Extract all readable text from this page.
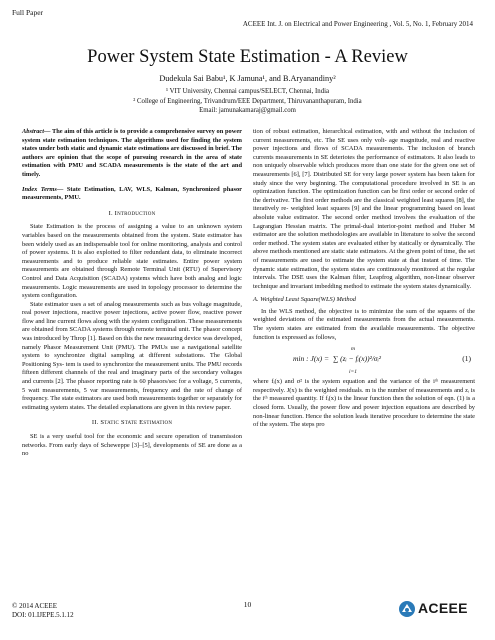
Full Paper
ACEEE Int. J. on Electrical and Power Engineering , Vol. 5, No. 1, February 2014
Power System State Estimation - A Review
Dudekula Sai Babu¹, K Jamuna¹, and B.Aryanandiny²
¹ VIT University, Chennai campus/SELECT, Chennai, India
² College of Engineering, Trivandrum/EEE Department, Thiruvananthapuram, India
Email: jamunakamaraj@gmail.com

Abstract— The aim of this article is to provide a comprehensive survey on power system state estimation techniques. The algorithms used for finding the system states under both static and dynamic state estimations are discussed in brief. The authors are opinion that the scope of pursuing research in the area of state estimation with PMU and SCADA measurements is the state of the art and timely.

Index Terms— State Estimation, LAV, WLS, Kalman, Synchronized phasor measurements, PMU.

I. Introduction

State Estimation is the process of assigning a value to an unknown system variables based on the measurements obtained from the system. State estimator has been widely used as an indispensable tool for online monitoring, analysis and control of power systems. It is also exploited to filter redundant data, to eliminate incorrect measurements and to produce reliable state estimates. Entire power system measurements are obtained through Remote Terminal Unit (RTU) of Supervisory Control and Data Acquisition (SCADA) systems which have both analog and logic measurements. Logic measurements are used in topology processor to determine the system configuration.

State estimator uses a set of analog measurements such as bus voltage magnitude, real power injections, reactive power injections, active power flow, reactive power flow and line current flows along with the system configuration. These measurements are obtained from SCADA systems through remote terminal unit. The phasor concept was introduced by Throp [1]. Based on this the new measuring device was developed, namely Phasor Measurement Unit (PMU). The PMUs use a navigational satellite system to synchronize digital sampling at different substations. The Global Positioning Sys- tem is used to synchronize the measurement units. The PMU records fifteen different channels of the real and imaginary parts of the secondary voltages and currents [2]. The phasor reporting rate is 60 phasors/sec for a voltage, 5 currents, 5 watt measurements, 5 var measurements, frequency and the rate of change of frequency. The state estimators are used both measurements together or separately for estimating system states. The detailed explanations are given in this review paper.

II. Static State Estimation

SE is a very useful tool for the economic and secure operation of transmission networks. From early days of Scheweppe [3]–[5], developments of SE are done as a no

tion of robust estimation, hierarchical estimation, with and without the inclusion of current measurements, etc. The SE uses only volt- age magnitude, real and reactive power injections and flows of SCADA measurements. The inclusion of branch currents measurements in SE deteriotes the performance of estimators. It also leads to non uniquely observable which produces more than one state for the given one set of measurements [6], [7]. Distributed SE for very large power system has been taken for study since the very beginning. The computational procedure involved in SE is an optimization function. The optimization function can be first order or second order of the derivative. The first order methods are the classical weighted least squares [8], the iteratively re- weighted least squares [9] and the linear programming based on least absolute value estimator. The second order method involves the evaluation of the Lagrangian Hessian matrix. The primal-dual interior-point method and Huber M estimator are the solution methodologies are available in literature to solve the second order method. The system states are evaluated either by statically or dynamically. The above methods mentioned are static state estimators. At the given point of time, the set of measurements are used to estimate the system state at that instant of time. The dynamic state estimation, the system states are continuously monitored at the regular intervals. The DSE uses the Kalman filter, Leapfrog algorithm, non-linear observer technique and invariant imbedding method to estimate the system states dynamically.

A. Weighted Least Square(WLS) Method

In the WLS method, the objective is to minimize the sum of the squares of the weighted deviations of the estimated measurements from the actual measurements. The system states are estimated from the available measurements. The objective function is expressed as follows,

m
min : J(x) = ∑ (zᵢ − fᵢ(x))²/σᵢ²
i=1
(1)

where fᵢ(x) and σ² is the system equation and the variance of the iᵗʰ measurement respectively. J(x) is the weighted residuals. m is the number of measurements and zᵢ is the iᵗʰ measured quantity. If fᵢ(x) is the linear function then the solution of eqn. (1) is a closed form. Usually, the power flow and power injection equations are described by non-linear function. Hence the solution leads iterative procedure to determine the state of the system. The steps pro

© 2014 ACEEE
DOI: 01.IJEPE.5.1.12
10	ACEEE
